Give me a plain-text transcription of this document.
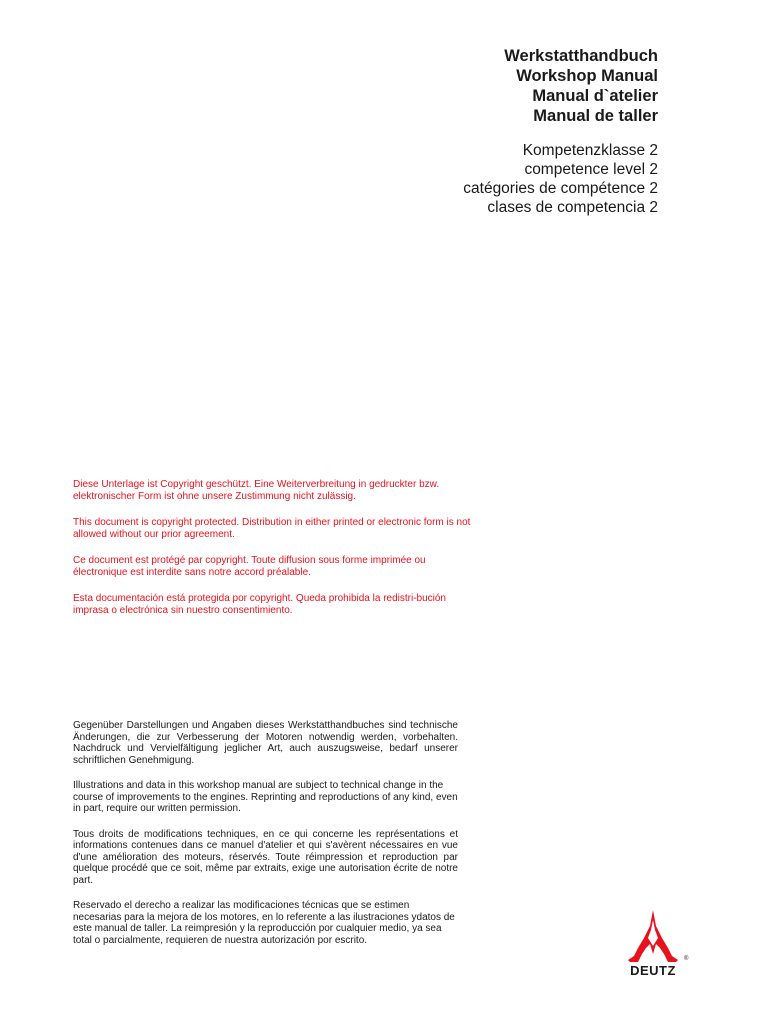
Werkstatthandbuch
Workshop Manual
Manual d`atelier
Manual de taller
Kompetenzklasse 2
competence level 2
catégories de compétence 2
clases de competencia 2

Diese Unterlage ist Copyright geschützt. Eine Weiterverbreitung in gedruckter bzw. elektronischer Form ist ohne unsere Zustimmung nicht zulässig.

This document is copyright protected. Distribution in either printed or electronic form is not allowed without our prior agreement.

Ce document est protégé par copyright. Toute diffusion sous forme imprimée ou électronique est interdite sans notre accord préalable.

Esta documentación está protegida por copyright. Queda prohibida la redistri-bución imprasa o electrónica sin nuestro consentimiento.

Gegenüber Darstellungen und Angaben dieses Werkstatthandbuches sind technische Änderungen, die zur Verbesserung der Motoren notwendig werden, vorbehalten. Nachdruck und Vervielfältigung jeglicher Art, auch auszugsweise, bedarf unserer schriftlichen Genehmigung.

Illustrations and data in this workshop manual are subject to technical change in the course of improvements to the engines. Reprinting and reproductions of any kind, even in part, require our written permission.

Tous droits de modifications techniques, en ce qui concerne les représentations et informations contenues dans ce manuel d'atelier et qui s'avèrent nécessaires en vue d'une amélioration des moteurs, réservés. Toute réimpression et reproduction par quelque procédé que ce soit, même par extraits, exige une autorisation écrite de notre part.

Reservado el derecho a realizar las modificaciones técnicas que se estimen necesarias para la mejora de los motores, en lo referente a las ilustraciones ydatos de este manual de taller. La reimpresión y la reproducción por cualquier medio, ya sea total o parcialmente, requieren de nuestra autorización por escrito.

®
DEUTZ
